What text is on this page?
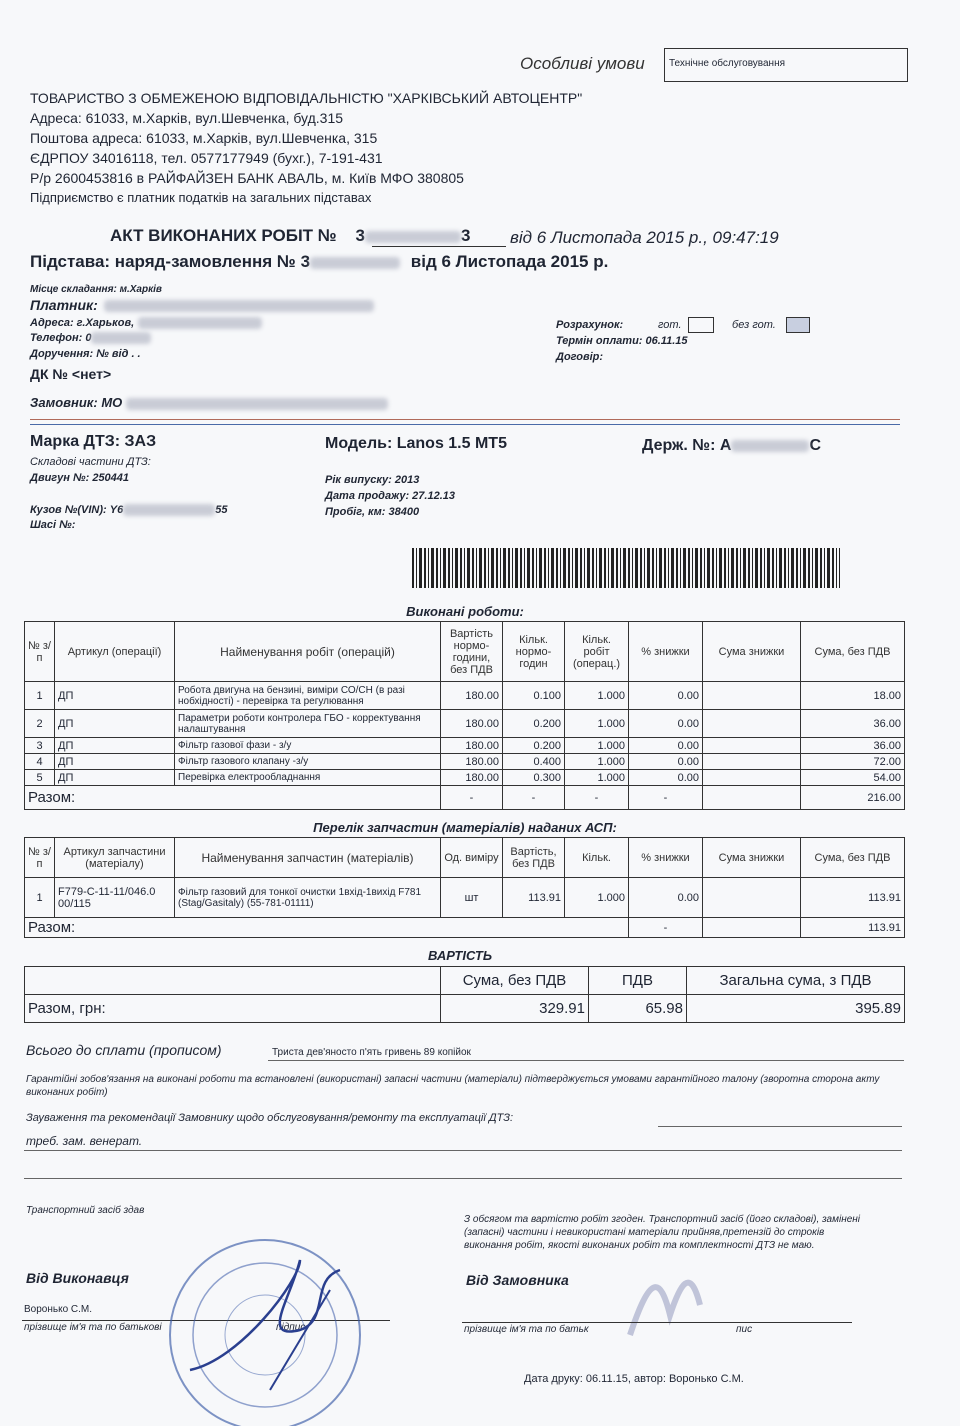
Особливі умови Технічне обслуговування
ТОВАРИСТВО З ОБМЕЖЕНОЮ ВІДПОВІДАЛЬНІСТЮ "ХАРКІВСЬКИЙ АВТОЦЕНТР"
Адреса: 61033, м.Харків, вул.Шевченка, буд.315
Поштова адреса: 61033, м.Харків, вул.Шевченка, 315
ЄДРПОУ 34016118, тел. 0577177949 (бухг.), 7-191-431
Р/р 2600453816 в РАЙФАЙЗЕН БАНК АВАЛЬ, м. Київ МФО 380805
Підприємство є платник податків на загальних підставах
АКТ ВИКОНАНИХ РОБІТ № 3	3 від 6 Листопада 2015 р., 09:47:19
Підстава: наряд-замовлення № 3	від 6 Листопада 2015 р.
Місце складання: м.Харків
Платник:
Адреса: г.Харьков,
Телефон: 0
Доручення: № від . .
ДК № <нет>
Замовник: МО
Розрахунок:	гот.	без гот.
Термін оплати: 06.11.15
Договір:
Марка ДТЗ: ЗАЗ	Модель: Lanos 1.5 MT5	Держ. №: А	С
Складові частини ДТЗ:
Двигун №: 250441
Кузов №(VIN): Y6	55
Шасі №:
Рік випуску: 2013
Дата продажу: 27.12.13
Пробіг, км: 38400
Виконані роботи:
№ з/п	Артикул (операції)	Найменування робіт (операцій)	Вартість нормо-години, без ПДВ	Кільк. нормо-годин	Кільк. робіт (операц.)	% знижки	Сума знижки	Сума, без ПДВ
1	ДП	Робота двигуна на бензині, виміри СО/СН (в разі нобхідності) - перевірка та регулювання	180.00	0.100	1.000	0.00		18.00
2	ДП	Параметри роботи контролера ГБО - корректування налаштування	180.00	0.200	1.000	0.00		36.00
3	ДП	Фільтр газової фази - з/у	180.00	0.200	1.000	0.00		36.00
4	ДП	Фільтр газового клапану -з/у	180.00	0.400	1.000	0.00		72.00
5	ДП	Перевірка електрообладнання	180.00	0.300	1.000	0.00		54.00
Разом:			-	-	-	-		216.00
Перелік запчастин (матеріалів) наданих АСП:
№ з/п	Артикул запчастини (матеріалу)	Найменування запчастин (матеріалів)	Од. виміру	Вартість, без ПДВ	Кільк.	% знижки	Сума знижки	Сума, без ПДВ
1	F779-C-11-11/046.0 00/115	Фільтр газовий для тонкої очистки 1вхід-1вихід F781 (Stag/Gasitaly) (55-781-01111)	шт	113.91	1.000	0.00		113.91
Разом:						-		113.91
ВАРТІСТЬ
	Сума, без ПДВ	ПДВ	Загальна сума, з ПДВ
Разом, грн:	329.91	65.98	395.89
Всього до сплати (прописом)	Триста дев'яносто п'ять гривень 89 копійок
Гарантійні зобов'язання на виконані роботи та встановлені (використані) запасні частини (матеріали) підтверджується умовами гарантійного талону (зворотна сторона акту виконаних робіт)
Зауваження та рекомендації Замовнику щодо обслуговування/ремонту та експлуатації ДТЗ:
треб. зам. венерат.
Транспортний засіб здав
Від Виконавця
Воронько С.М.
прізвище ім'я та по батькові	підпис
З обсягом та вартістю робіт згоден. Транспортний засіб (його складові), замінені (запасні) частини і невикористані матеріали прийняв,претензій до строків виконання робіт, якості виконаних робіт та комплектності ДТЗ не маю.
Від Замовника
прізвище ім'я та по батьк	пис
Дата друку: 06.11.15, автор: Воронько С.М.
